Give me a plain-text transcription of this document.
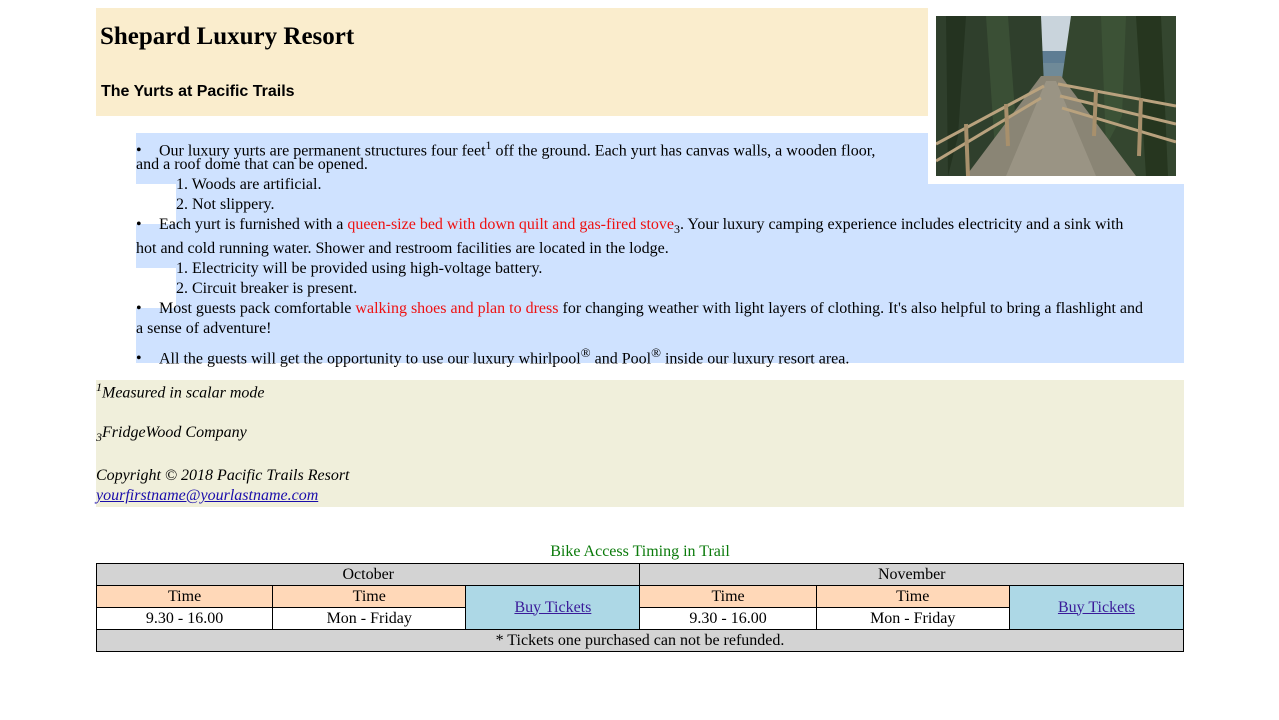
Shepard Luxury Resort
The Yurts at Pacific Trails
• Our luxury yurts are permanent structures four feet$^1$ off the ground. Each yurt has canvas walls, a wooden floor,
and a roof dome that can be opened.
1. Woods are artificial.
2. Not slippery.
• Each yurt is furnished with a queen-size bed with down quilt and gas-fired stove$_3$. Your luxury camping experience includes electricity and a sink with
hot and cold running water. Shower and restroom facilities are located in the lodge.
1. Electricity will be provided using high-voltage battery.
2. Circuit breaker is present.
• Most guests pack comfortable walking shoes and plan to dress for changing weather with light layers of clothing. It's also helpful to bring a flashlight and
a sense of adventure!
• All the guests will get the opportunity to use our luxury whirlpool® and Pool® inside our luxury resort area.
$^1$Measured in scalar mode
$_3$FridgeWood Company
Copyright © 2018 Pacific Trails Resort
yourfirstname@yourlastname.com
Bike Access Timing in Trail
October			November		
Time	Time	Buy Tickets	Time	Time	Buy Tickets
9.30 - 16.00	Mon - Friday		9.30 - 16.00	Mon - Friday	
* Tickets one purchased can not be refunded.					
